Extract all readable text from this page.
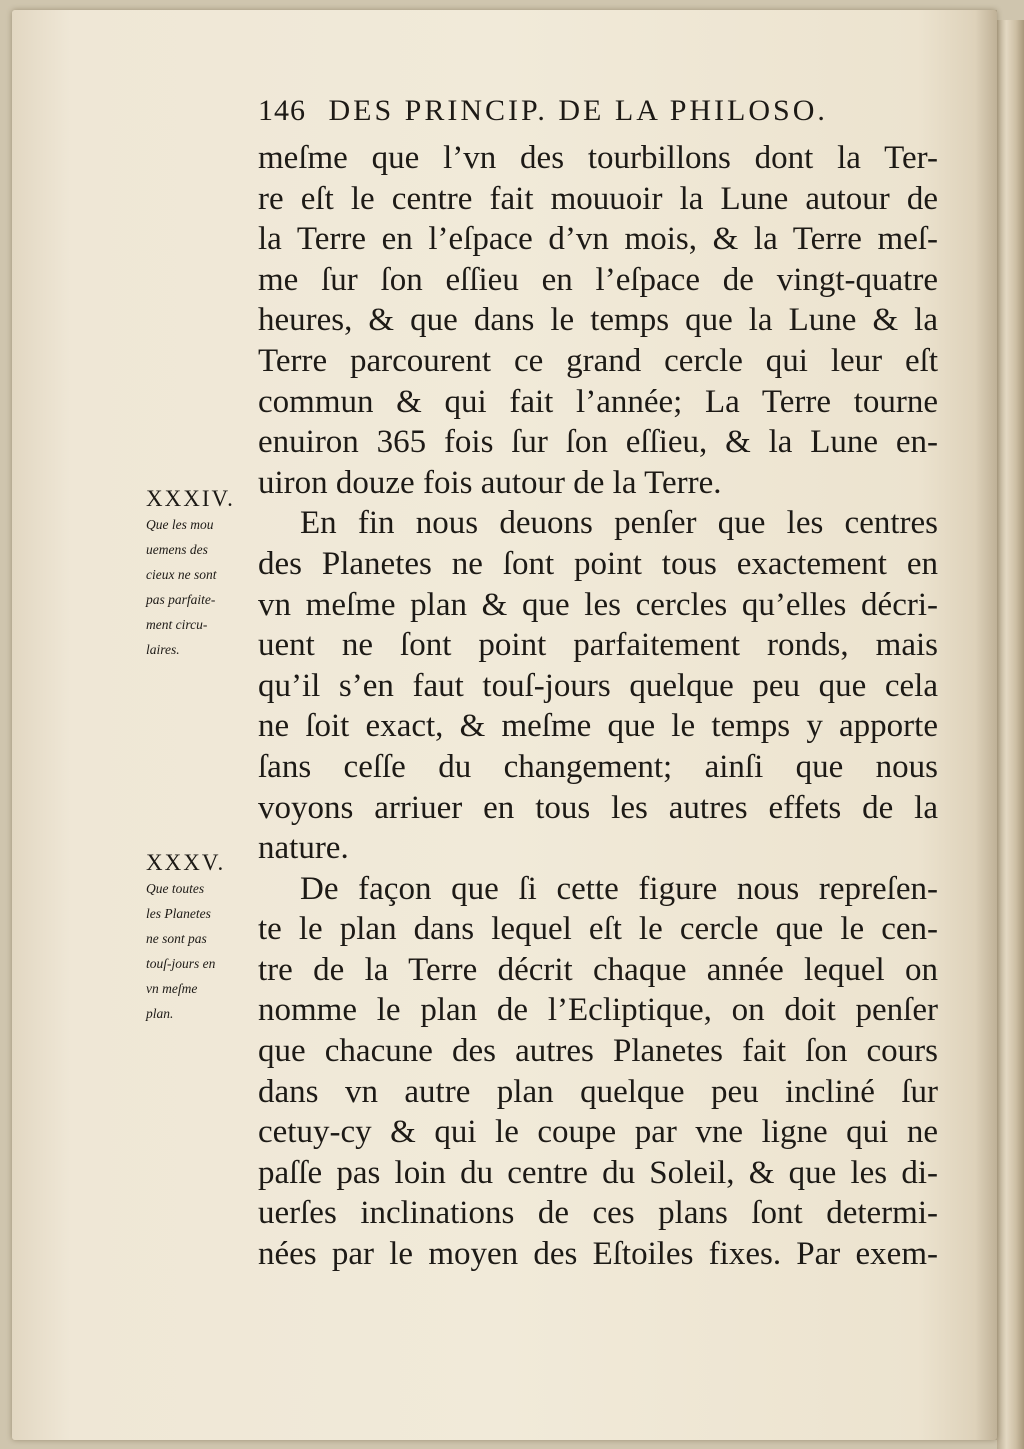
146 DES PRINCIP. DE LA PHILOSO.
XXXIV.
Que les mou
uemens des
cieux ne sont
pas parfaite-
ment circu-
laires.
XXXV.
Que toutes
les Planetes
ne sont pas
touſ-jours en
vn meſme
plan.
meſme que l’vn des tourbillons dont la Ter-
re eſt le centre fait mouuoir la Lune autour de
la Terre en l’eſpace d’vn mois, & la Terre meſ-
me ſur ſon eſſieu en l’eſpace de vingt-quatre
heures, & que dans le temps que la Lune & la
Terre parcourent ce grand cercle qui leur eſt
commun & qui fait l’année; La Terre tourne
enuiron 365 fois ſur ſon eſſieu, & la Lune en-
uiron douze fois autour de la Terre.
En fin nous deuons penſer que les centres
des Planetes ne ſont point tous exactement en
vn meſme plan & que les cercles qu’elles décri-
uent ne ſont point parfaitement ronds, mais
qu’il s’en faut touſ-jours quelque peu que cela
ne ſoit exact, & meſme que le temps y apporte
ſans ceſſe du changement; ainſi que nous
voyons arriuer en tous les autres effets de la
nature.
De façon que ſi cette figure nous repreſen-
te le plan dans lequel eſt le cercle que le cen-
tre de la Terre décrit chaque année lequel on
nomme le plan de l’Ecliptique, on doit penſer
que chacune des autres Planetes fait ſon cours
dans vn autre plan quelque peu incliné ſur
cetuy-cy & qui le coupe par vne ligne qui ne
paſſe pas loin du centre du Soleil, & que les di-
uerſes inclinations de ces plans ſont determi-
nées par le moyen des Eſtoiles fixes. Par exem-
